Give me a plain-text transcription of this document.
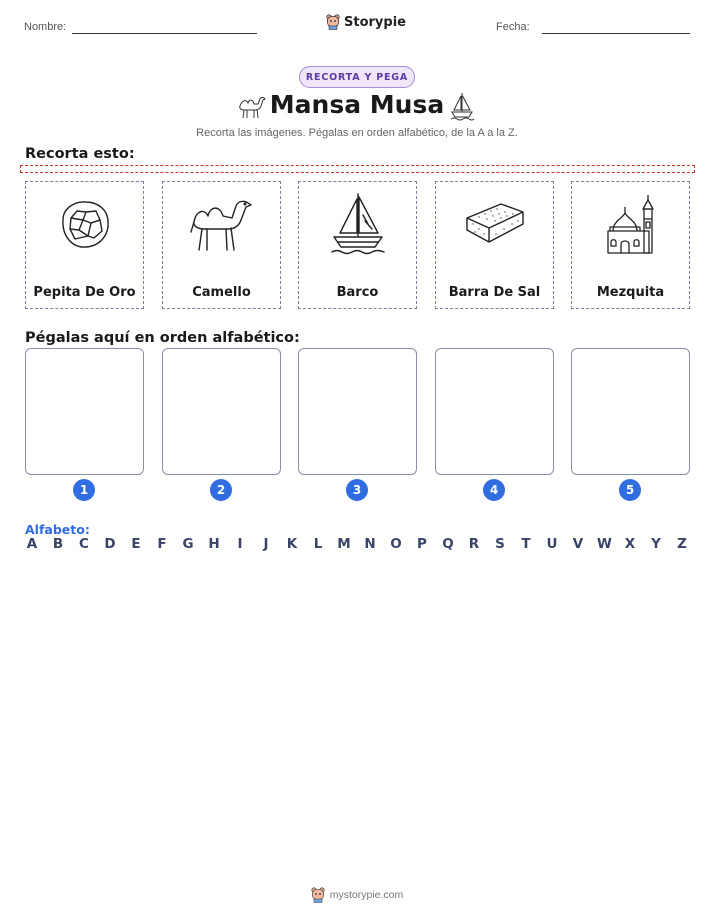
Nombre:	Storypie	Fecha:
RECORTA Y PEGA
Mansa Musa
Recorta las imágenes. Pégalas en orden alfabético, de la A a la Z.
Recorta esto:
Pepita De Oro	Camello	Barco	Barra De Sal	Mezquita
Pégalas aquí en orden alfabético:
1	2	3	4	5
Alfabeto:
A B C D E F G H	I	J	K L M N O P Q R S T U V W X Y Z
mystorypie.com
